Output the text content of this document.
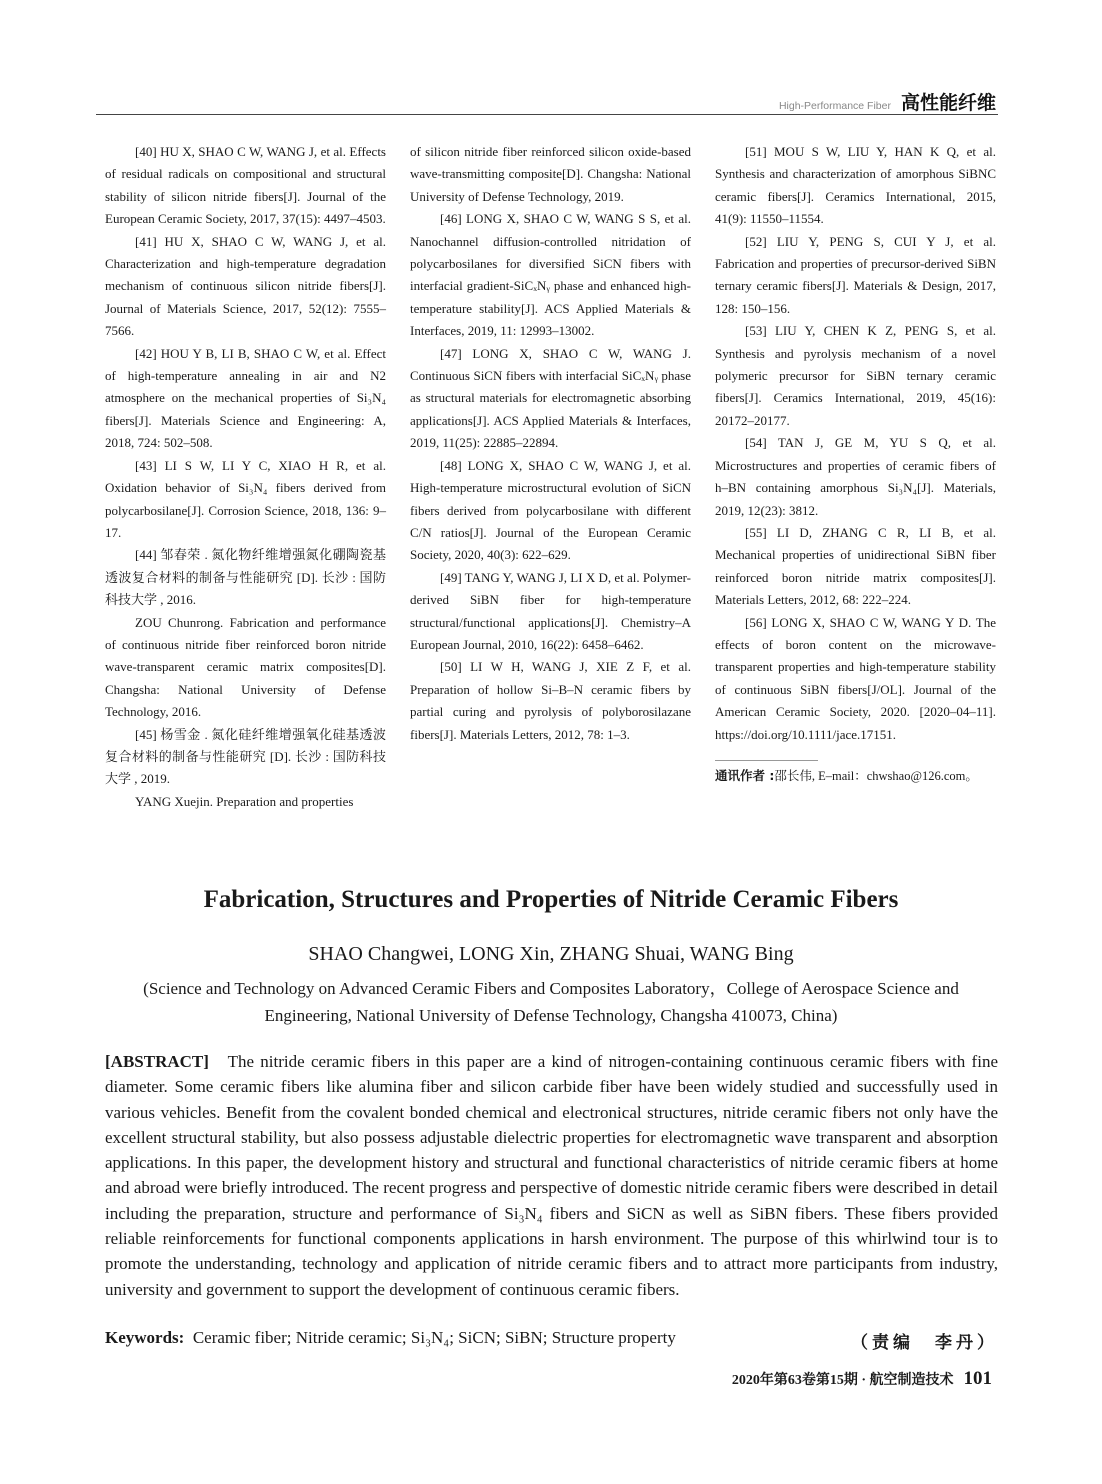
High-Performance Fiber 高性能纤维

[40] HU X, SHAO C W, WANG J, et al. Effects of residual radicals on compositional and structural stability of silicon nitride fibers[J]. Journal of the European Ceramic Society, 2017, 37(15): 4497–4503.

[41] HU X, SHAO C W, WANG J, et al. Characterization and high-temperature degradation mechanism of continuous silicon nitride fibers[J]. Journal of Materials Science, 2017, 52(12): 7555–7566.

[42] HOU Y B, LI B, SHAO C W, et al. Effect of high-temperature annealing in air and N2 atmosphere on the mechanical properties of Si₃N₄ fibers[J]. Materials Science and Engineering: A, 2018, 724: 502–508.

[43] LI S W, LI Y C, XIAO H R, et al. Oxidation behavior of Si₃N₄ fibers derived from polycarbosilane[J]. Corrosion Science, 2018, 136: 9–17.

[44] 邹春荣 . 氮化物纤维增强氮化硼陶瓷基透波复合材料的制备与性能研究 [D]. 长沙 : 国防科技大学 , 2016.

ZOU Chunrong. Fabrication and performance of continuous nitride fiber reinforced boron nitride wave-transparent ceramic matrix composites[D]. Changsha: National University of Defense Technology, 2016.

[45] 杨雪金 . 氮化硅纤维增强氧化硅基透波复合材料的制备与性能研究 [D]. 长沙 : 国防科技大学 , 2019.

YANG Xuejin. Preparation and properties

of silicon nitride fiber reinforced silicon oxide-based wave-transmitting composite[D]. Changsha: National University of Defense Technology, 2019.

[46] LONG X, SHAO C W, WANG S S, et al. Nanochannel diffusion-controlled nitridation of polycarbosilanes for diversified SiCN fibers with interfacial gradient-SiCₓNᵧ phase and enhanced high-temperature stability[J]. ACS Applied Materials & Interfaces, 2019, 11: 12993–13002.

[47] LONG X, SHAO C W, WANG J. Continuous SiCN fibers with interfacial SiCₓNᵧ phase as structural materials for electromagnetic absorbing applications[J]. ACS Applied Materials & Interfaces, 2019, 11(25): 22885–22894.

[48] LONG X, SHAO C W, WANG J, et al. High-temperature microstructural evolution of SiCN fibers derived from polycarbosilane with different C/N ratios[J]. Journal of the European Ceramic Society, 2020, 40(3): 622–629.

[49] TANG Y, WANG J, LI X D, et al. Polymer-derived SiBN fiber for high-temperature structural/functional applications[J]. Chemistry–A European Journal, 2010, 16(22): 6458–6462.

[50] LI W H, WANG J, XIE Z F, et al. Preparation of hollow Si–B–N ceramic fibers by partial curing and pyrolysis of polyborosilazane fibers[J]. Materials Letters, 2012, 78: 1–3.

[51] MOU S W, LIU Y, HAN K Q, et al. Synthesis and characterization of amorphous SiBNC ceramic fibers[J]. Ceramics International, 2015, 41(9): 11550–11554.

[52] LIU Y, PENG S, CUI Y J, et al. Fabrication and properties of precursor-derived SiBN ternary ceramic fibers[J]. Materials & Design, 2017, 128: 150–156.

[53] LIU Y, CHEN K Z, PENG S, et al. Synthesis and pyrolysis mechanism of a novel polymeric precursor for SiBN ternary ceramic fibers[J]. Ceramics International, 2019, 45(16): 20172–20177.

[54] TAN J, GE M, YU S Q, et al. Microstructures and properties of ceramic fibers of h–BN containing amorphous Si₃N₄[J]. Materials, 2019, 12(23): 3812.

[55] LI D, ZHANG C R, LI B, et al. Mechanical properties of unidirectional SiBN fiber reinforced boron nitride matrix composites[J]. Materials Letters, 2012, 68: 222–224.

[56] LONG X, SHAO C W, WANG Y D. The effects of boron content on the microwave-transparent properties and high-temperature stability of continuous SiBN fibers[J/OL]. Journal of the American Ceramic Society, 2020. [2020–04–11]. https://doi.org/10.1111/jace.17151.

通讯作者 :邵长伟, E–mail：chwshao@126.com。

Fabrication, Structures and Properties of Nitride Ceramic Fibers
SHAO Changwei, LONG Xin, ZHANG Shuai, WANG Bing
(Science and Technology on Advanced Ceramic Fibers and Composites Laboratory，College of Aerospace Science and Engineering, National University of Defense Technology, Changsha 410073, China)
[ABSTRACT] The nitride ceramic fibers in this paper are a kind of nitrogen-containing continuous ceramic fibers with fine diameter. Some ceramic fibers like alumina fiber and silicon carbide fiber have been widely studied and successfully used in various vehicles. Benefit from the covalent bonded chemical and electronical structures, nitride ceramic fibers not only have the excellent structural stability, but also possess adjustable dielectric properties for electromagnetic wave transparent and absorption applications. In this paper, the development history and structural and functional characteristics of nitride ceramic fibers at home and abroad were briefly introduced. The recent progress and perspective of domestic nitride ceramic fibers were described in detail including the preparation, structure and performance of Si₃N₄ fibers and SiCN as well as SiBN fibers. These fibers provided reliable reinforcements for functional components applications in harsh environment. The purpose of this whirlwind tour is to promote the understanding, technology and application of nitride ceramic fibers and to attract more participants from industry, university and government to support the development of continuous ceramic fibers.
Keywords: Ceramic fiber; Nitride ceramic; Si₃N₄; SiCN; SiBN; Structure property	（责编　李丹）
2020年第63卷第15期 · 航空制造技术 101
